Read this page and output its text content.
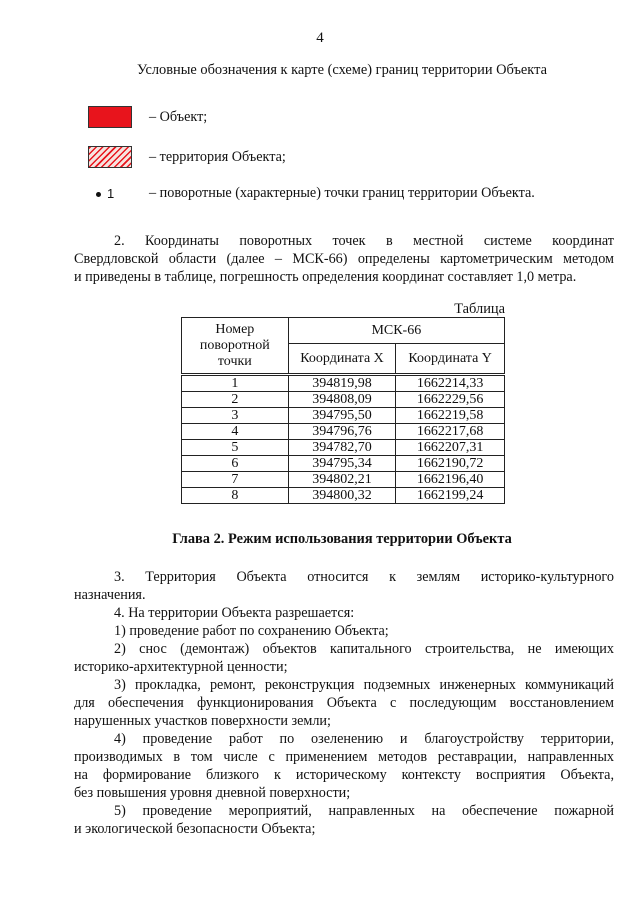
4
Условные обозначения к карте (схеме) границ территории Объекта
– Объект;
– территория Объекта;
1 – поворотные (характерные) точки границ территории Объекта.
2. Координаты поворотных точек в местной системе координат
Свердловской области (далее – МСК-66) определены картометрическим методом
и приведены в таблице, погрешность определения координат составляет 1,0 метра.
Таблица
Номер поворотной точки	МСК-66	
	Координата X	Координата Y
1	394819,98	1662214,33
2	394808,09	1662229,56
3	394795,50	1662219,58
4	394796,76	1662217,68
5	394782,70	1662207,31
6	394795,34	1662190,72
7	394802,21	1662196,40
8	394800,32	1662199,24
Глава 2. Режим использования территории Объекта
3. Территория Объекта относится к землям историко-культурного
назначения.
4. На территории Объекта разрешается:
1) проведение работ по сохранению Объекта;
2) снос (демонтаж) объектов капитального строительства, не имеющих
историко-архитектурной ценности;
3) прокладка, ремонт, реконструкция подземных инженерных коммуникаций
для обеспечения функционирования Объекта с последующим восстановлением
нарушенных участков поверхности земли;
4) проведение работ по озеленению и благоустройству территории,
производимых в том числе с применением методов реставрации, направленных
на формирование близкого к историческому контексту восприятия Объекта,
без повышения уровня дневной поверхности;
5) проведение мероприятий, направленных на обеспечение пожарной
и экологической безопасности Объекта;
